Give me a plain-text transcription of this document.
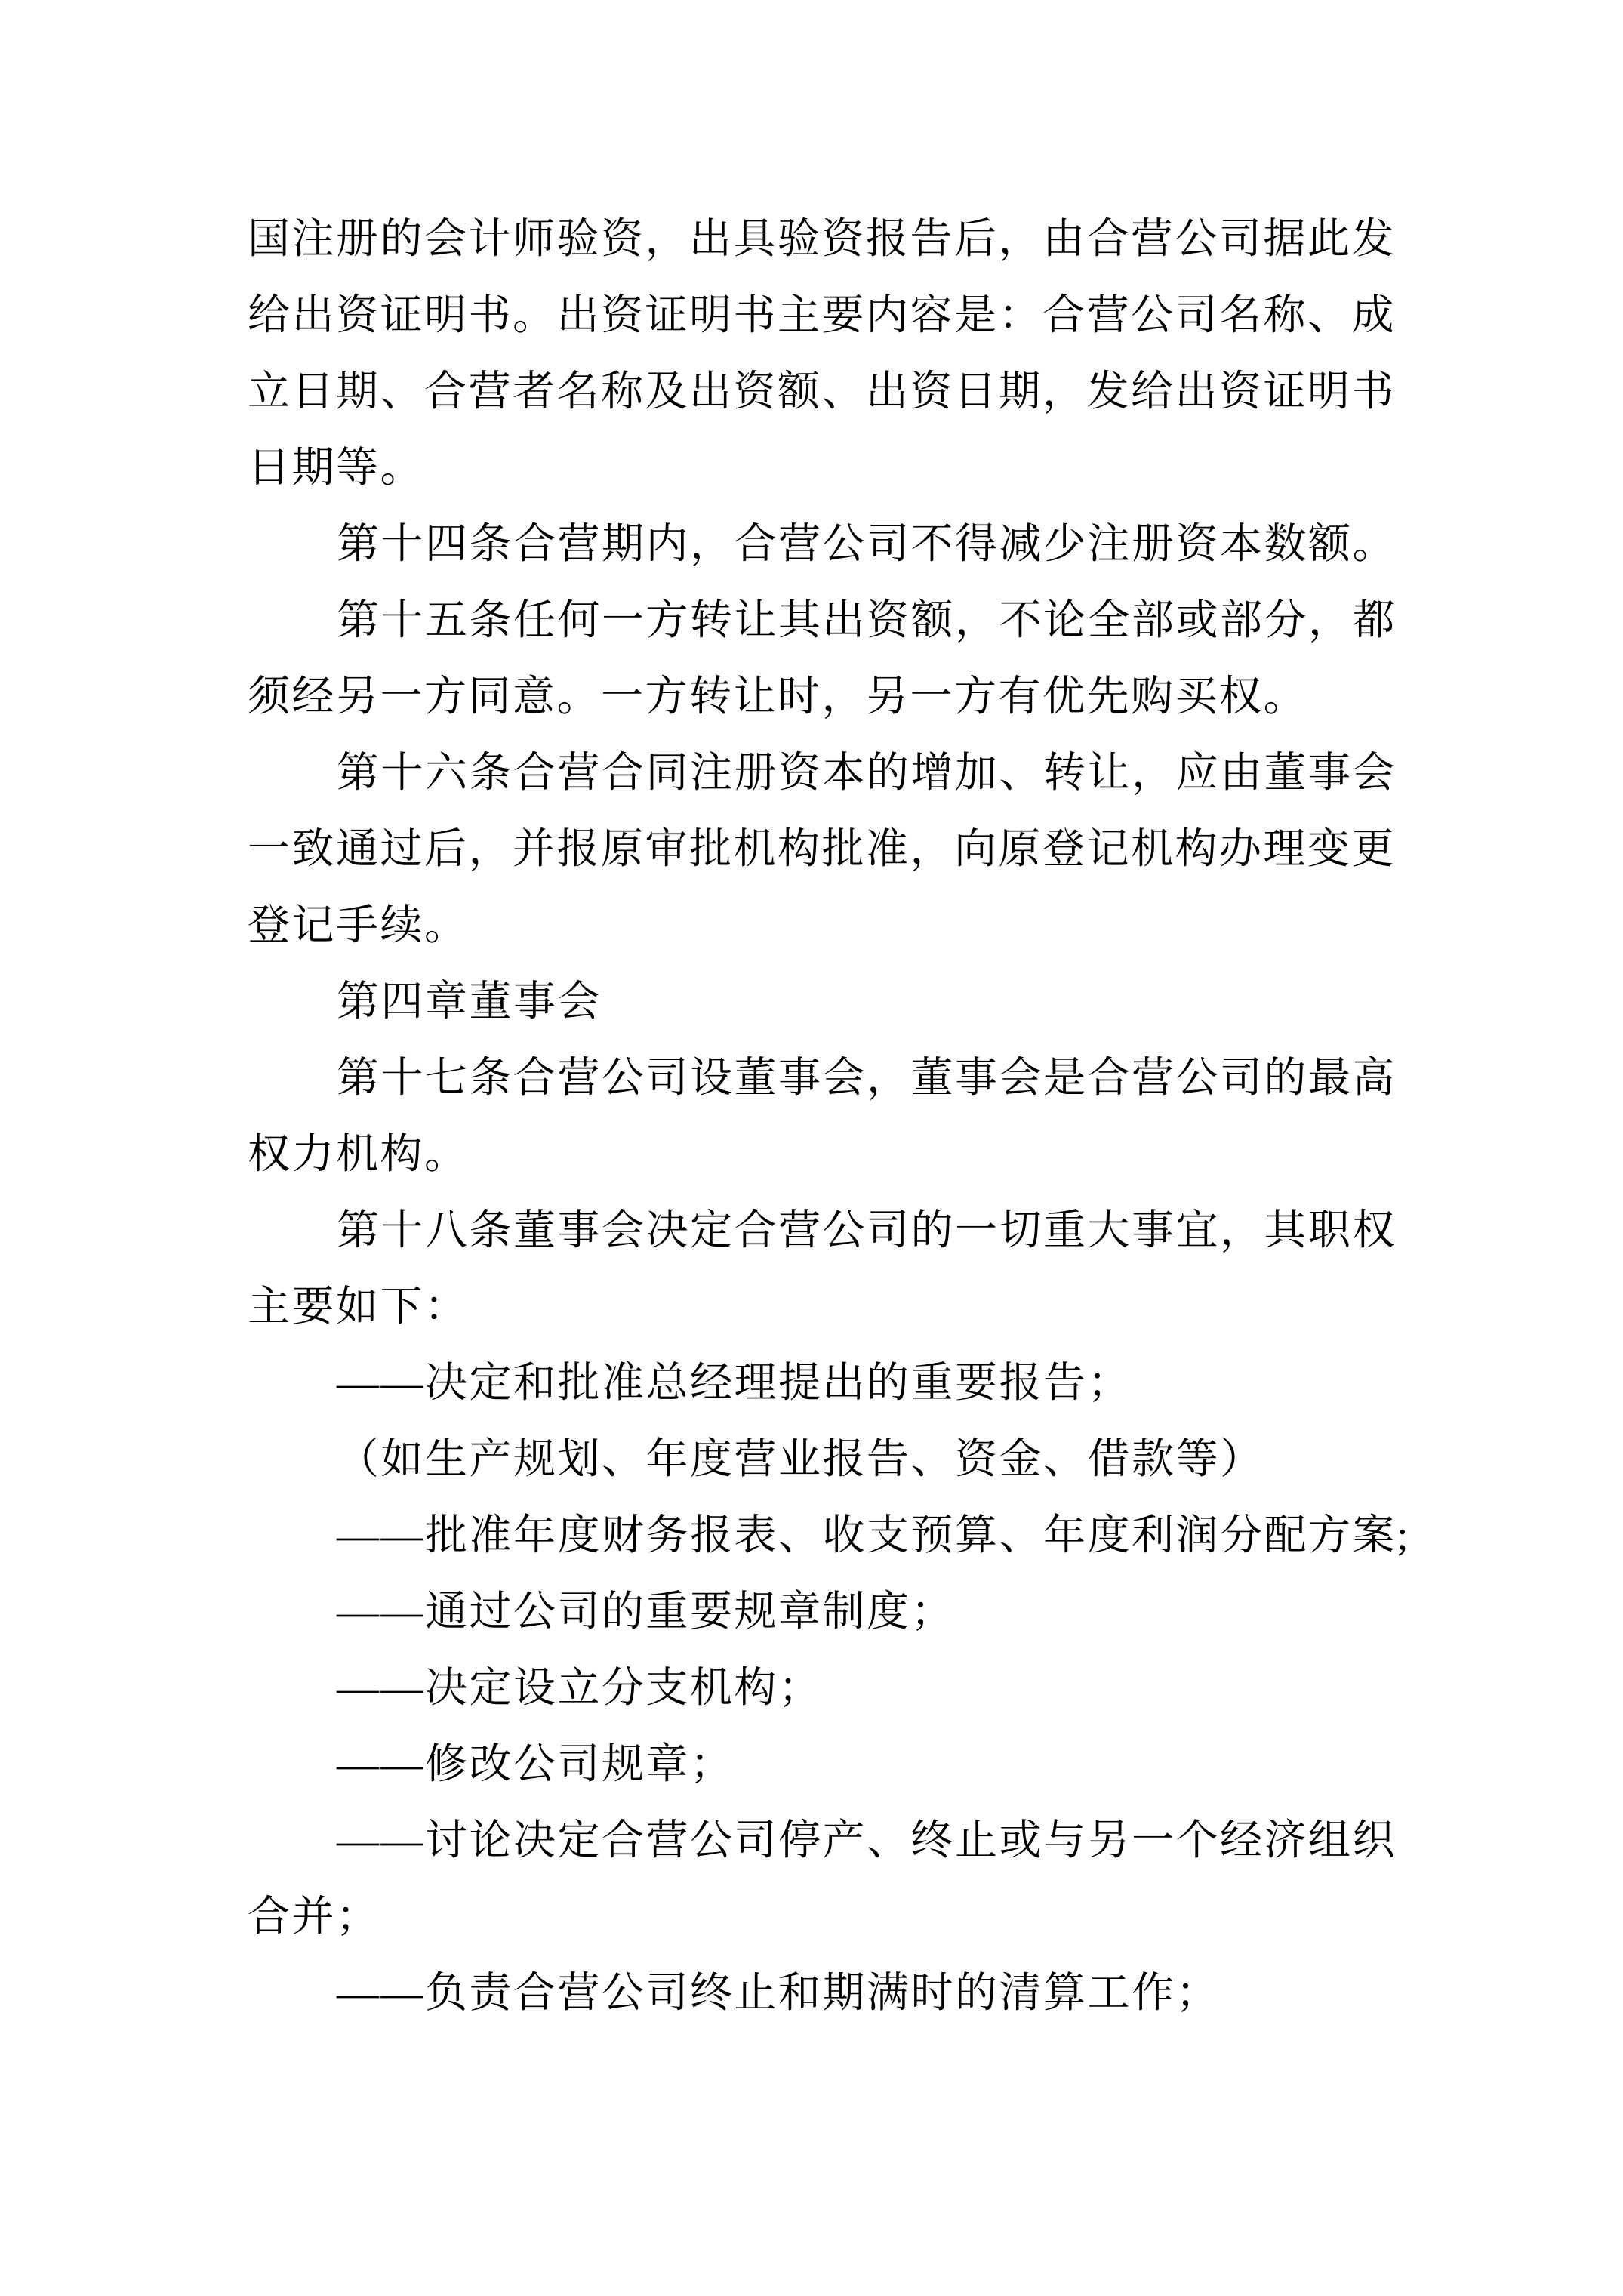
国注册的会计师验资，出具验资报告后，由合营公司据此发
给出资证明书。出资证明书主要内容是：合营公司名称、成
立日期、合营者名称及出资额、出资日期，发给出资证明书
日期等。
第十四条合营期内，合营公司不得减少注册资本数额。
第十五条任何一方转让其出资额，不论全部或部分，都
须经另一方同意。一方转让时，另一方有优先购买权。
第十六条合营合同注册资本的增加、转让，应由董事会
一致通过后，并报原审批机构批准，向原登记机构办理变更
登记手续。
第四章董事会
第十七条合营公司设董事会，董事会是合营公司的最高
权力机构。
第十八条董事会决定合营公司的一切重大事宜，其职权
主要如下：
——决定和批准总经理提出的重要报告；
（如生产规划、年度营业报告、资金、借款等）
——批准年度财务报表、收支预算、年度利润分配方案;
——通过公司的重要规章制度；
——决定设立分支机构；
——修改公司规章；
——讨论决定合营公司停产、终止或与另一个经济组织
合并；
——负责合营公司终止和期满时的清算工作；
